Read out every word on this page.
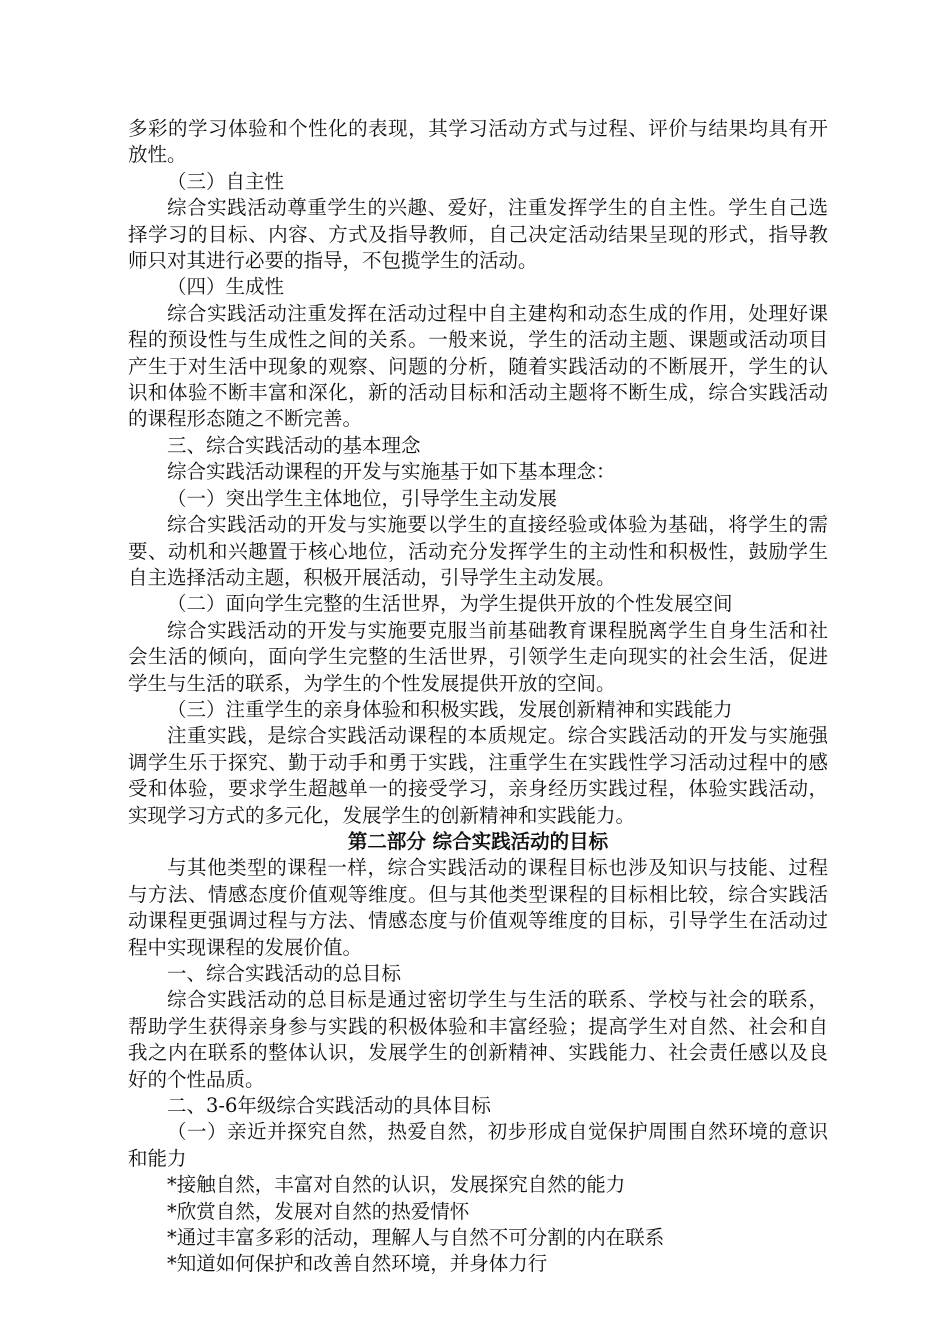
多彩的学习体验和个性化的表现，其学习活动方式与过程、评价与结果均具有开放性。

（三）自主性

综合实践活动尊重学生的兴趣、爱好，注重发挥学生的自主性。学生自己选择学习的目标、内容、方式及指导教师，自己决定活动结果呈现的形式，指导教师只对其进行必要的指导，不包揽学生的活动。

（四）生成性

综合实践活动注重发挥在活动过程中自主建构和动态生成的作用，处理好课程的预设性与生成性之间的关系。一般来说，学生的活动主题、课题或活动项目产生于对生活中现象的观察、问题的分析，随着实践活动的不断展开，学生的认识和体验不断丰富和深化，新的活动目标和活动主题将不断生成，综合实践活动的课程形态随之不断完善。

三、综合实践活动的基本理念

综合实践活动课程的开发与实施基于如下基本理念：

（一）突出学生主体地位，引导学生主动发展

综合实践活动的开发与实施要以学生的直接经验或体验为基础，将学生的需要、动机和兴趣置于核心地位，活动充分发挥学生的主动性和积极性，鼓励学生自主选择活动主题，积极开展活动，引导学生主动发展。

（二）面向学生完整的生活世界，为学生提供开放的个性发展空间

综合实践活动的开发与实施要克服当前基础教育课程脱离学生自身生活和社会生活的倾向，面向学生完整的生活世界，引领学生走向现实的社会生活，促进学生与生活的联系，为学生的个性发展提供开放的空间。

（三）注重学生的亲身体验和积极实践，发展创新精神和实践能力

注重实践，是综合实践活动课程的本质规定。综合实践活动的开发与实施强调学生乐于探究、勤于动手和勇于实践，注重学生在实践性学习活动过程中的感受和体验，要求学生超越单一的接受学习，亲身经历实践过程，体验实践活动，实现学习方式的多元化，发展学生的创新精神和实践能力。

第二部分 综合实践活动的目标

与其他类型的课程一样，综合实践活动的课程目标也涉及知识与技能、过程与方法、情感态度价值观等维度。但与其他类型课程的目标相比较，综合实践活动课程更强调过程与方法、情感态度与价值观等维度的目标，引导学生在活动过程中实现课程的发展价值。

一、综合实践活动的总目标

综合实践活动的总目标是通过密切学生与生活的联系、学校与社会的联系，帮助学生获得亲身参与实践的积极体验和丰富经验；提高学生对自然、社会和自我之内在联系的整体认识，发展学生的创新精神、实践能力、社会责任感以及良好的个性品质。

二、3-6年级综合实践活动的具体目标

（一）亲近并探究自然，热爱自然，初步形成自觉保护周围自然环境的意识和能力

*接触自然，丰富对自然的认识，发展探究自然的能力

*欣赏自然，发展对自然的热爱情怀

*通过丰富多彩的活动，理解人与自然不可分割的内在联系

*知道如何保护和改善自然环境，并身体力行
